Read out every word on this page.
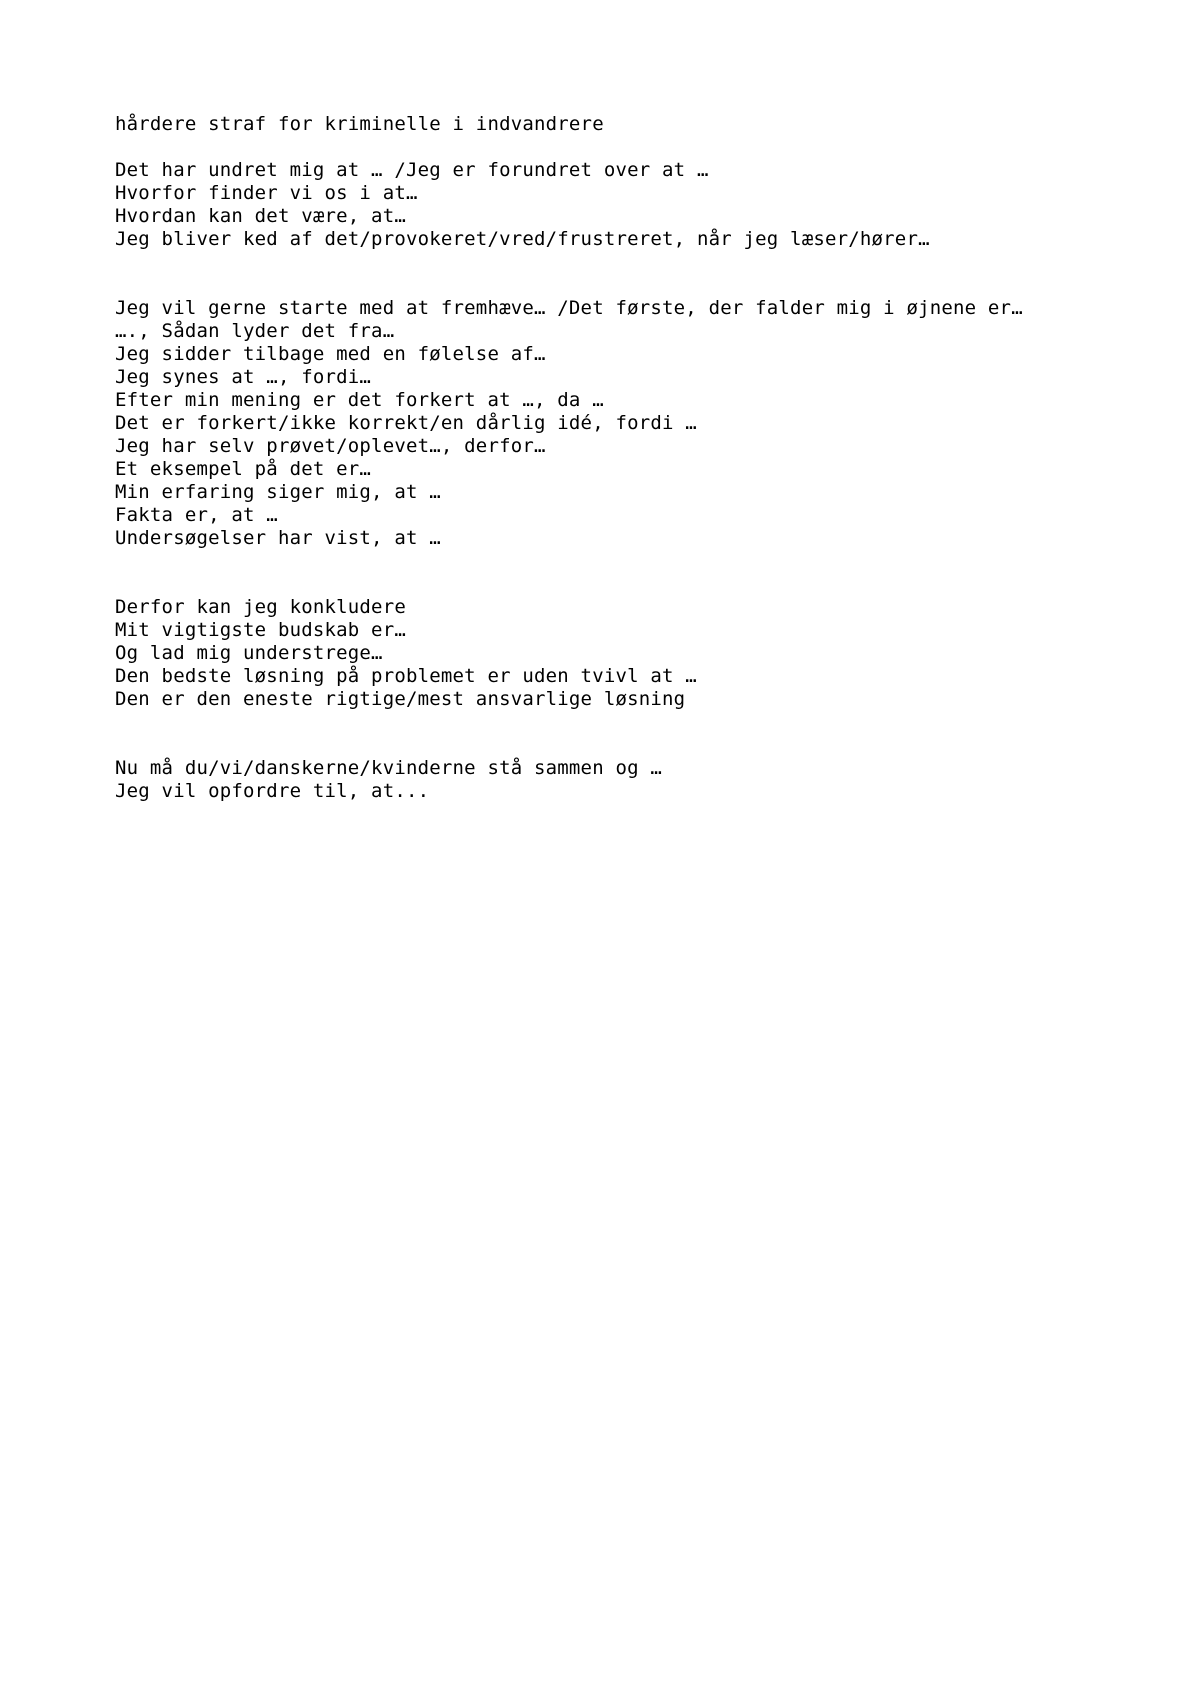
hårdere straf for kriminelle i indvandrere
Det har undret mig at … /Jeg er forundret over at …
Hvorfor finder vi os i at…
Hvordan kan det være, at…
Jeg bliver ked af det/provokeret/vred/frustreret, når jeg læser/hører…
Jeg vil gerne starte med at fremhæve… /Det første, der falder mig i øjnene er…
…., Sådan lyder det fra…
Jeg sidder tilbage med en følelse af…
Jeg synes at …, fordi…
Efter min mening er det forkert at …, da …
Det er forkert/ikke korrekt/en dårlig idé, fordi …
Jeg har selv prøvet/oplevet…, derfor…
Et eksempel på det er…
Min erfaring siger mig, at …
Fakta er, at …
Undersøgelser har vist, at …
Derfor kan jeg konkludere
Mit vigtigste budskab er…
Og lad mig understrege…
Den bedste løsning på problemet er uden tvivl at …
Den er den eneste rigtige/mest ansvarlige løsning
Nu må du/vi/danskerne/kvinderne stå sammen og …
Jeg vil opfordre til, at...
